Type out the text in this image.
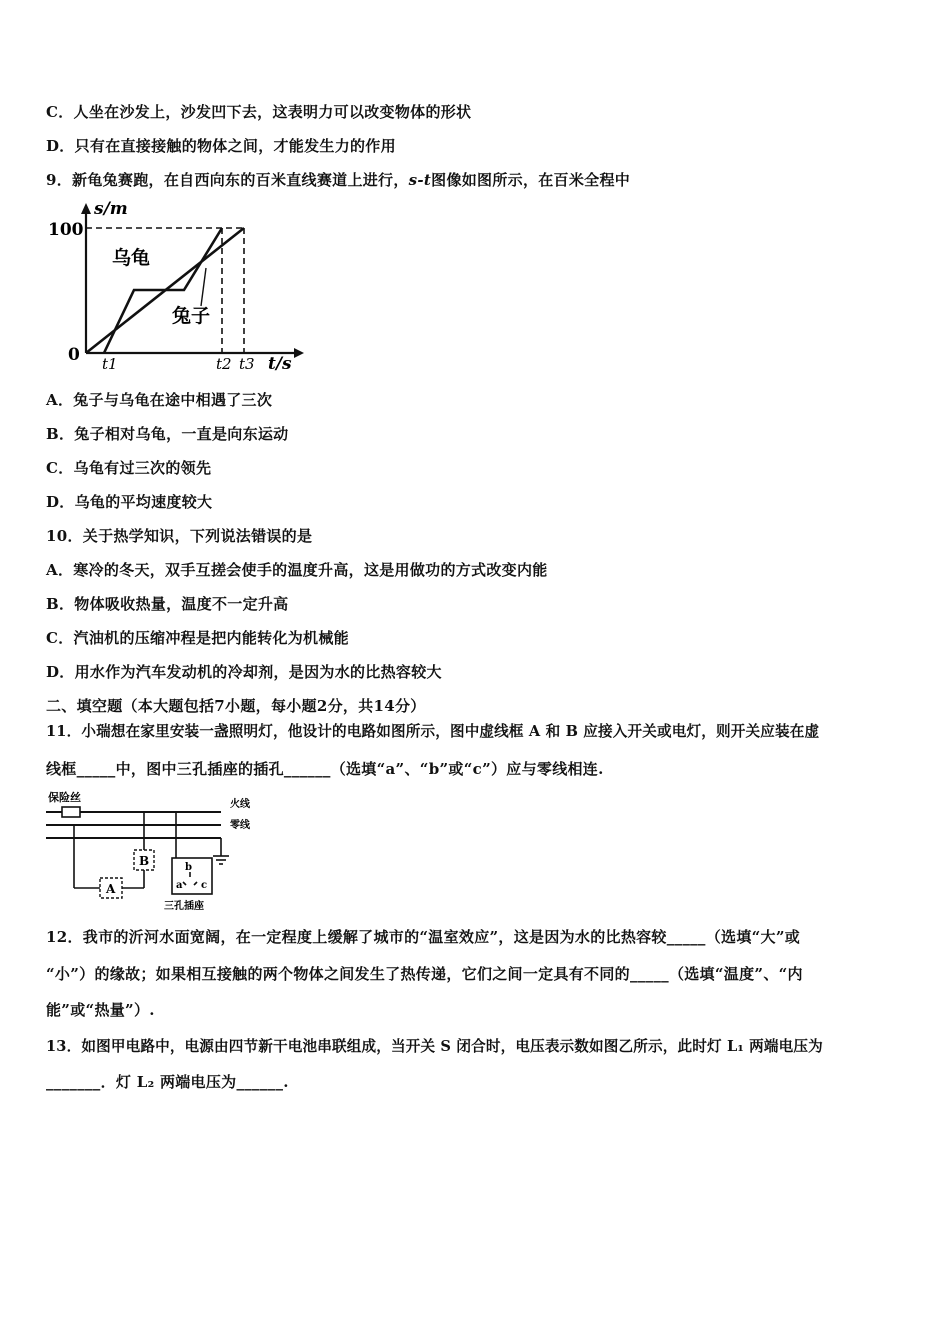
C．人坐在沙发上，沙发凹下去，这表明力可以改变物体的形状
D．只有在直接接触的物体之间，才能发生力的作用
9．新龟兔赛跑，在自西向东的百米直线赛道上进行，s-t图像如图所示，在百米全程中
s/m
100
0 t1	t2 t3 t/s
乌龟
兔子
A．兔子与乌龟在途中相遇了三次
B．兔子相对乌龟，一直是向东运动
C．乌龟有过三次的领先
D．乌龟的平均速度较大
10．关于热学知识，下列说法错误的是
A．寒冷的冬天，双手互搓会使手的温度升高，这是用做功的方式改变内能
B．物体吸收热量，温度不一定升高
C．汽油机的压缩冲程是把内能转化为机械能
D．用水作为汽车发动机的冷却剂，是因为水的比热容较大
二、填空题（本大题包括7小题，每小题2分，共14分）
11．小瑞想在家里安装一盏照明灯，他设计的电路如图所示，图中虚线框 A 和 B 应接入开关或电灯，则开关应装在虚
线框_____中，图中三孔插座的插孔______（选填“a”、“b”或“c”）应与零线相连.
保险丝
火线
零线
B
A
b
a c
三孔插座
12．我市的沂河水面宽阔，在一定程度上缓解了城市的“温室效应”，这是因为水的比热容较_____（选填“大”或
“小”）的缘故；如果相互接触的两个物体之间发生了热传递，它们之间一定具有不同的_____（选填“温度”、“内
能”或“热量”）.
13．如图甲电路中，电源由四节新干电池串联组成，当开关 S 闭合时，电压表示数如图乙所示，此时灯 L₁ 两端电压为
_______．灯 L₂ 两端电压为______.
